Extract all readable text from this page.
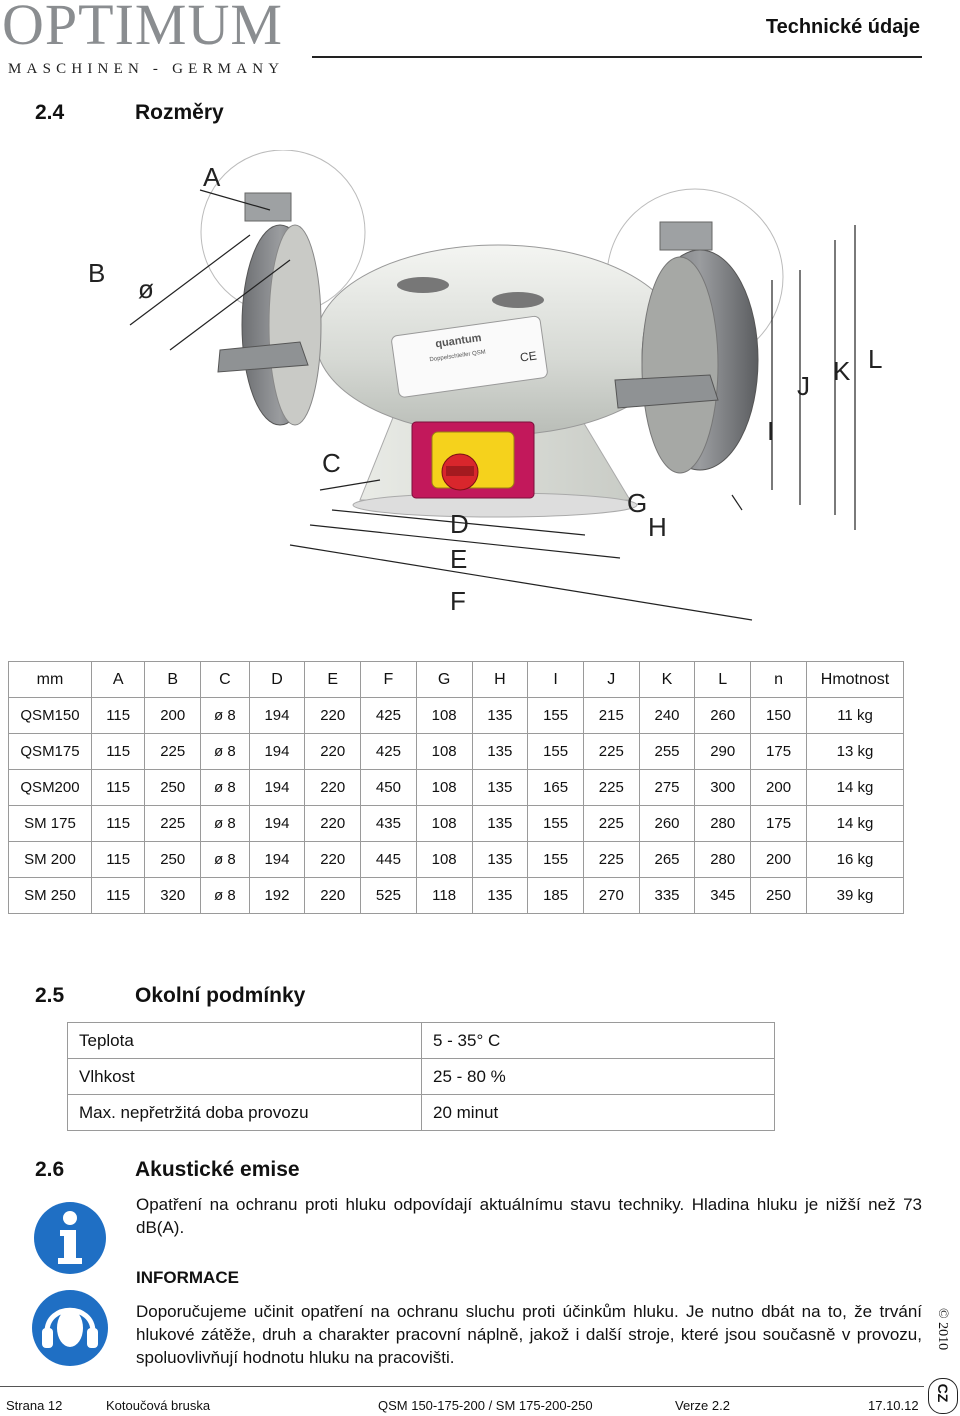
OPTIMUM
MASCHINEN - GERMANY
Technické údaje
2.4	Rozměry
quantum
Doppelschleifer QSM	CE
A
B
ø
C
D
E
F
G
H
I
J K L
mm	A	B	C	D	E	F	G	H	I	J	K	L	n	Hmotnost
QSM150	115	200	ø 8	194	220	425	108	135	155	215	240	260	150	11 kg
QSM175	115	225	ø 8	194	220	425	108	135	155	225	255	290	175	13 kg
QSM200	115	250	ø 8	194	220	450	108	135	165	225	275	300	200	14 kg
SM 175	115	225	ø 8	194	220	435	108	135	155	225	260	280	175	14 kg
SM 200	115	250	ø 8	194	220	445	108	135	155	225	265	280	200	16 kg
SM 250	115	320	ø 8	192	220	525	118	135	185	270	335	345	250	39 kg
2.5	Okolní podmínky
Teplota	5 - 35° C
Vlhkost	25 - 80 %
Max. nepřetržitá doba provozu	20 minut
2.6	Akustické emise
Opatření na ochranu proti hluku odpovídají aktuálnímu stavu techniky. Hladina hluku je nižší než 73 dB(A).
INFORMACE
Doporučujeme učinit opatření na ochranu sluchu proti účinkům hluku. Je nutno dbát na to, že trvání hlukové zátěže, druh a charakter pracovní náplně, jakož i další stroje, které jsou současně v provozu, spoluovlivňují hodnotu hluku na pracovišti.
© 2010
CZ
Strana 12	Kotoučová bruska	QSM 150-175-200 / SM 175-200-250	Verze 2.2	17.10.12
